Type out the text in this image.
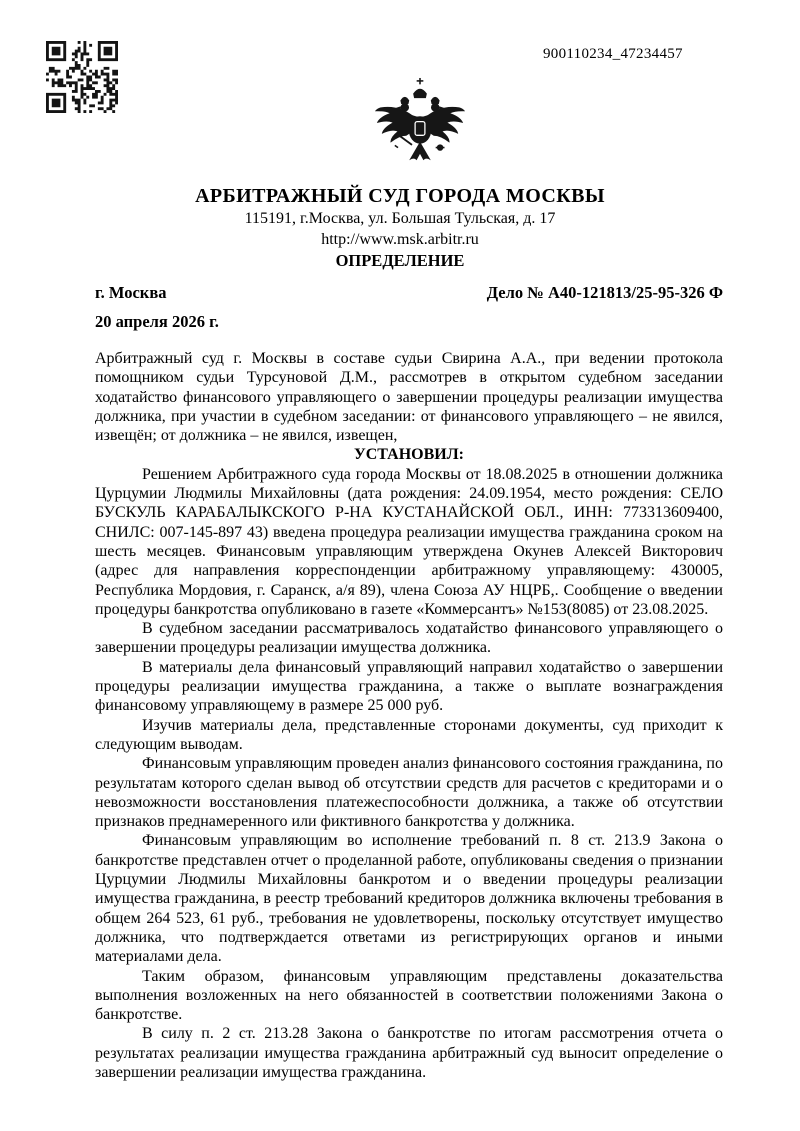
900110234_47234457
АРБИТРАЖНЫЙ СУД ГОРОДА МОСКВЫ
115191, г.Москва, ул. Большая Тульская, д. 17
http://www.msk.arbitr.ru
ОПРЕДЕЛЕНИЕ
г. Москва	Дело № А40-121813/25-95-326 Ф
20 апреля 2026 г.

Арбитражный суд г. Москвы в составе судьи Свирина А.А., при ведении протокола помощником судьи Турсуновой Д.М., рассмотрев в открытом судебном заседании ходатайство финансового управляющего о завершении процедуры реализации имущества должника, при участии в судебном заседании: от финансового управляющего – не явился, извещён; от должника – не явился, извещен,

УСТАНОВИЛ:

Решением Арбитражного суда города Москвы от 18.08.2025 в отношении должника Цурцумии Людмилы Михайловны (дата рождения: 24.09.1954, место рождения: СЕЛО БУСКУЛЬ КАРАБАЛЫКСКОГО Р-НА КУСТАНАЙСКОЙ ОБЛ., ИНН: 773313609400, СНИЛС: 007-145-897 43) введена процедура реализации имущества гражданина сроком на шесть месяцев. Финансовым управляющим утверждена Окунев Алексей Викторович (адрес для направления корреспонденции арбитражному управляющему: 430005, Республика Мордовия, г. Саранск, а/я 89), члена Союза АУ НЦРБ,. Сообщение о введении процедуры банкротства опубликовано в газете «Коммерсантъ» №153(8085) от 23.08.2025.

В судебном заседании рассматривалось ходатайство финансового управляющего о завершении процедуры реализации имущества должника.

В материалы дела финансовый управляющий направил ходатайство о завершении процедуры реализации имущества гражданина, а также о выплате вознаграждения финансовому управляющему в размере 25 000 руб.

Изучив материалы дела, представленные сторонами документы, суд приходит к следующим выводам.

Финансовым управляющим проведен анализ финансового состояния гражданина, по результатам которого сделан вывод об отсутствии средств для расчетов с кредиторами и о невозможности восстановления платежеспособности должника, а также об отсутствии признаков преднамеренного или фиктивного банкротства у должника.

Финансовым управляющим во исполнение требований п. 8 ст. 213.9 Закона о банкротстве представлен отчет о проделанной работе, опубликованы сведения о признании Цурцумии Людмилы Михайловны банкротом и о введении процедуры реализации имущества гражданина, в реестр требований кредиторов должника включены требования в общем 264 523, 61 руб., требования не удовлетворены, поскольку отсутствует имущество должника, что подтверждается ответами из регистрирующих органов и иными материалами дела.

Таким образом, финансовым управляющим представлены доказательства выполнения возложенных на него обязанностей в соответствии положениями Закона о банкротстве.

В силу п. 2 ст. 213.28 Закона о банкротстве по итогам рассмотрения отчета о результатах реализации имущества гражданина арбитражный суд выносит определение о завершении реализации имущества гражданина.
